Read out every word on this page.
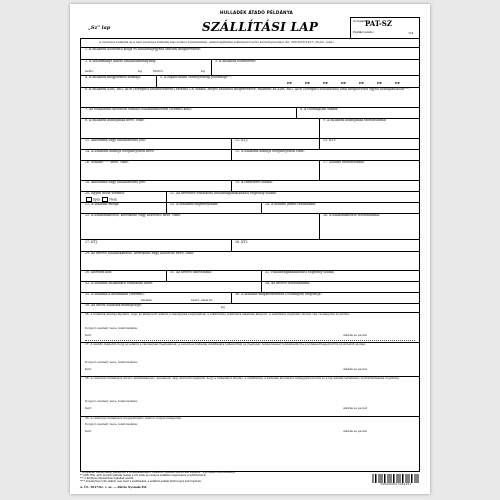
HULLADÉK ÁTADÓ PÉLDÁNYA
„Sz" lap	SZÁLLÍTÁSI LAP	Sorszám:
PAT-SZ
Példányszám:	1/4
A veszélyes hulladék és a nem veszélyes hulladék kapcsolatos nyilvántartási, adatszolgáltatási szabályairól szóló kormányrendelet (Kr. 225/2015(VIII.7.) Korm. rend.)
1. A hulladék azonosító kódja és hulladékjegyzék szerinti megnevezése:
2. A szállítmányt alkotó hulladékmennyiség:
nettó:	kg	bruttó:	kg
3. A hulladék összetétele:
4. A hulladék megjelenési formája:	5. A legkorosabb veszélyességi jellemzője**:
HP	HP	HP	HP	HP	HP	HP
6. A hulladék ADR, RID, ADN (szerginti szállításesetén) szerinti UN száma, helyes szállítási megnevezése, valamint az ADR, RID, ADN (szerginti szállításnál) által megkövetelt egyéb hozzájárulások***:
7. Az elszállítást követően várható hulladékkezelési (szerinti kód):	8. A csomagolás száma:
8. A hulladék átadójának neve, címe:	9. A hulladék átadójának telefonszáma:
11. Adószáma vagy adóazonosító jele:	12. KTJ:	13. KTI:
14. A hulladék átadója telephelyének neve:	15. A hulladék átadója telephelyének címe:
16. Szállító**** neve, címe:	17. Szállító telefonszáma:
18. Adószáma vagy adóazonosító jele:	19. A fuvarlevél száma:
20. Egyéb fuvar szerinti:
Igen	Nem
21. Az átvételre vonatkozó hulladékgazdálkodási engedély száma:
22. A szállítás módja:	23. A szállítási engedélyszám:	24. A szállító jármű rendszáma:
25. A hulladékkezelő, kereskedő vagy közvetítő neve, címe:	26. A hulladékkezelő telefonszáma:
27. KTJ:	28. KTI:
29. Az átvevő hulladékkezelő, kereskedő vagy közvetítő neve, címe:
30. Kezelési kód:	31. Az átvevő üzletszáma:	32. Hulladékgazdálkodási engedély száma:
33. A szállítás hulladékra vonatkozó kelte:	34. Az átvevő telefonszáma:
35. A szállítás a közutakon (szerinti):
átvétel:	szerz. vétel ki:
36. A szállítás megkezdésének (csomagolt) időpontja:
38. Az átvett hulladék mennyisége:	kg
36. A hulladék átadója kijelenti, hogy az általa leírt adatok a valóságnak megfelelnek, a szállítmány szállításra alkalmas állapotú, a szállításra megfelelő módon van csomagolva és jelölve.
Dolgozó személy neve, telefonszáma:
Kelt:	Aláírás és pecsét
37. A szállító kijelenti, hogy az adatok a valóságnak megfelelnek, a veszélyes hulladék szállítására felkészültek és megfelelő felszereléssel rendelkezik (ha a kötelezettségek körös nyomtatott előlap).
Dolgozó személy neve, telefonszáma:
Kelt:	Aláírás és pecsét
38. A veszélyes hulladékot átvevő hulladékkezelő, kereskedő vagy közvetítő kijelenti, hogy a hulladékot átvette, a szállítmány a hulladék átvételére felhagyásra került és a lap adatait tartalmazó nyilvántartásába rögzítette.
Dolgozó személy neve, telefonszáma:
Kelt:	Aláírás és pecsét
39. A veszélyes hulladékot megsemmisítő telefon, helyes fellépének
Dolgozó személy neve, telefonszáma:
Kelt:	Aláírás és pecsét
* A hulladék veszélyességi jellemzőjét a hulladékkezelésre vonatkozó rendelet szerint kell megadni – a kódszám feltüntetésével.
** ADR, RID, ADN szerinti szállítás esetén a UN szám és a helyes szállítási megnevezés is feltüntetendő.
*** A kitöltési útmutatóban foglaltak szerint.
**** Amennyiben több szállító vesz részt a szállításban, a szállítók adatait külön lapon kell rögzíteni.
A. ÜL. 5017/Sz. c. sz. — Pátria Nyomda Zrt.
5999009915044021
